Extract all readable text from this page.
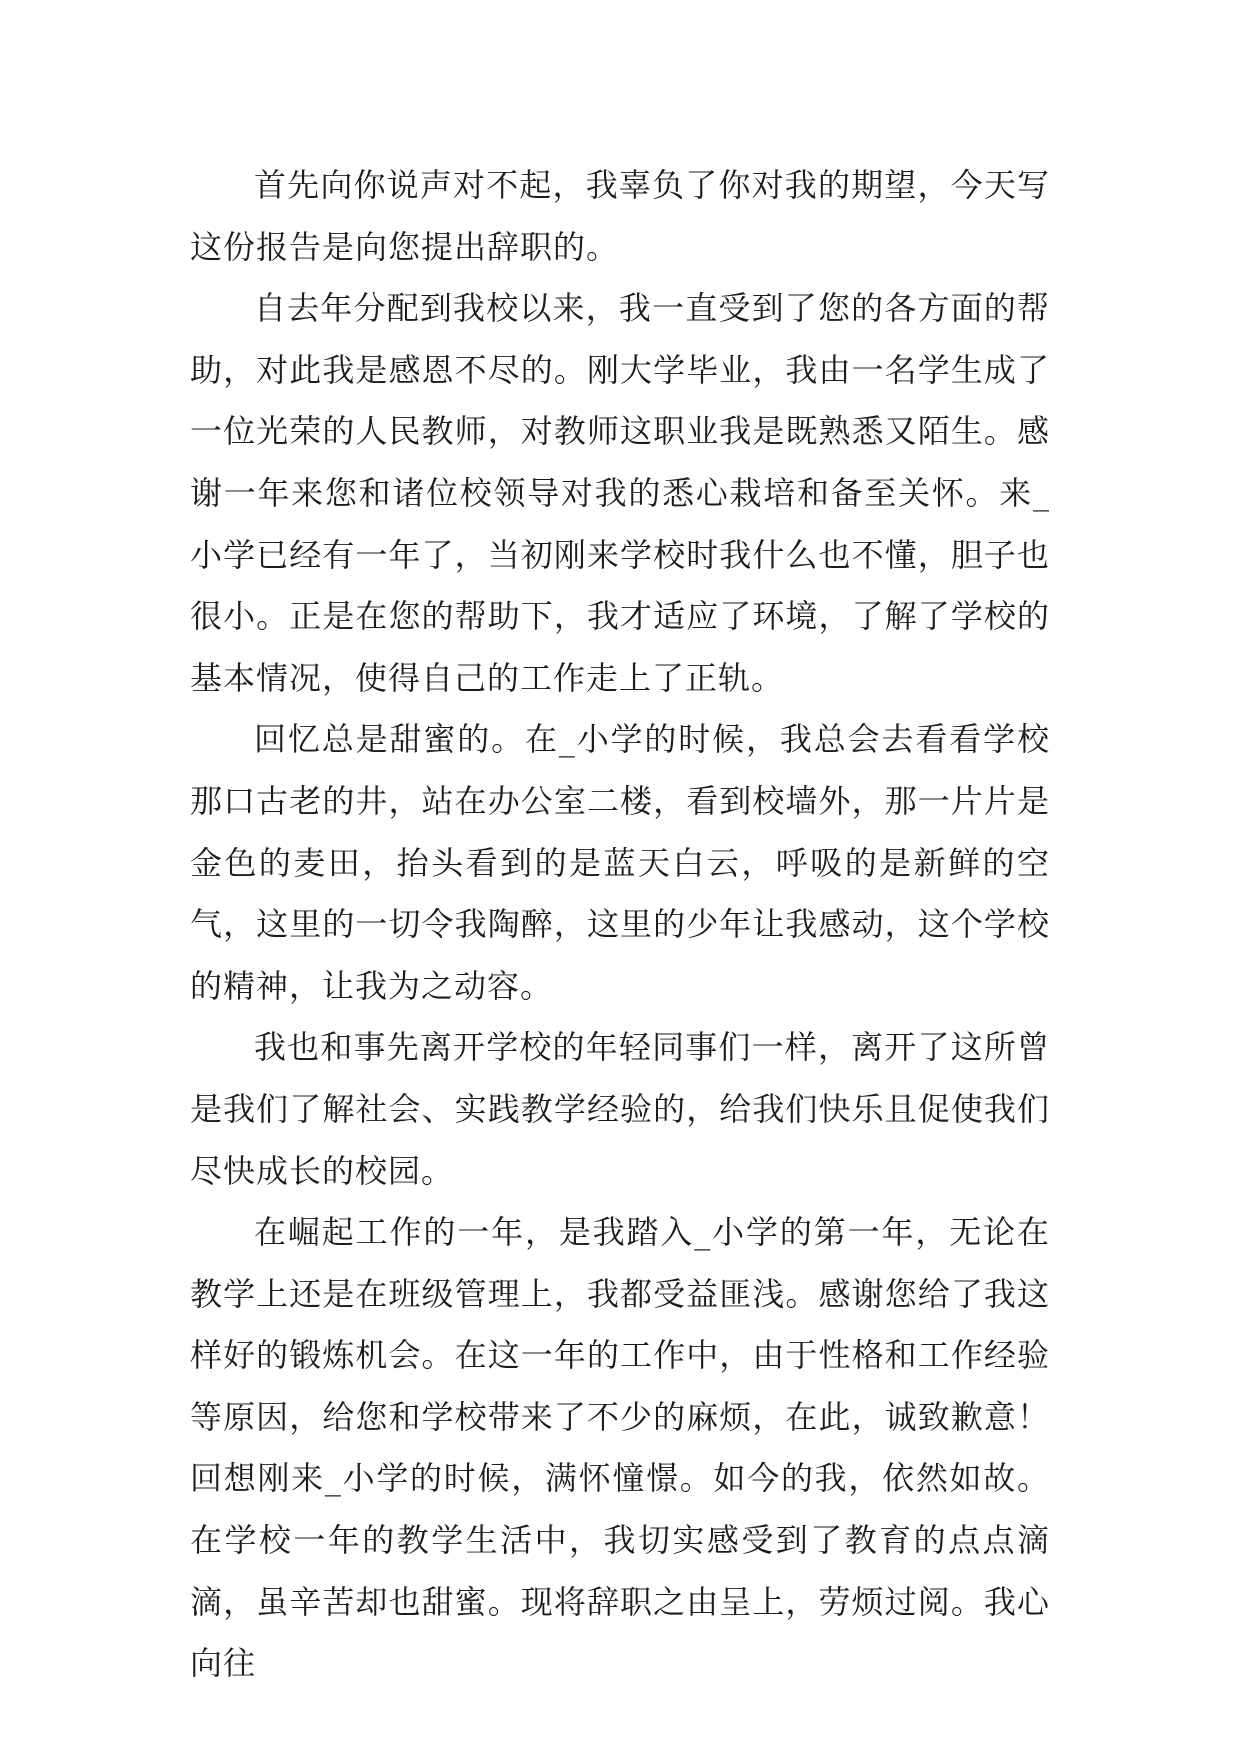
首先向你说声对不起，我辜负了你对我的期望，今天写这份报告是向您提出辞职的。

自去年分配到我校以来，我一直受到了您的各方面的帮助，对此我是感恩不尽的。刚大学毕业，我由一名学生成了一位光荣的人民教师，对教师这职业我是既熟悉又陌生。感谢一年来您和诸位校领导对我的悉心栽培和备至关怀。来_小学已经有一年了，当初刚来学校时我什么也不懂，胆子也很小。正是在您的帮助下，我才适应了环境，了解了学校的基本情况，使得自己的工作走上了正轨。

回忆总是甜蜜的。在_小学的时候，我总会去看看学校那口古老的井，站在办公室二楼，看到校墙外，那一片片是金色的麦田，抬头看到的是蓝天白云，呼吸的是新鲜的空气，这里的一切令我陶醉，这里的少年让我感动，这个学校的精神，让我为之动容。

我也和事先离开学校的年轻同事们一样，离开了这所曾是我们了解社会、实践教学经验的，给我们快乐且促使我们尽快成长的校园。

在崛起工作的一年，是我踏入_小学的第一年，无论在教学上还是在班级管理上，我都受益匪浅。感谢您给了我这样好的锻炼机会。在这一年的工作中，由于性格和工作经验等原因，给您和学校带来了不少的麻烦，在此，诚致歉意！回想刚来_小学的时候，满怀憧憬。如今的我，依然如故。在学校一年的教学生活中，我切实感受到了教育的点点滴滴，虽辛苦却也甜蜜。现将辞职之由呈上，劳烦过阅。我心向往
